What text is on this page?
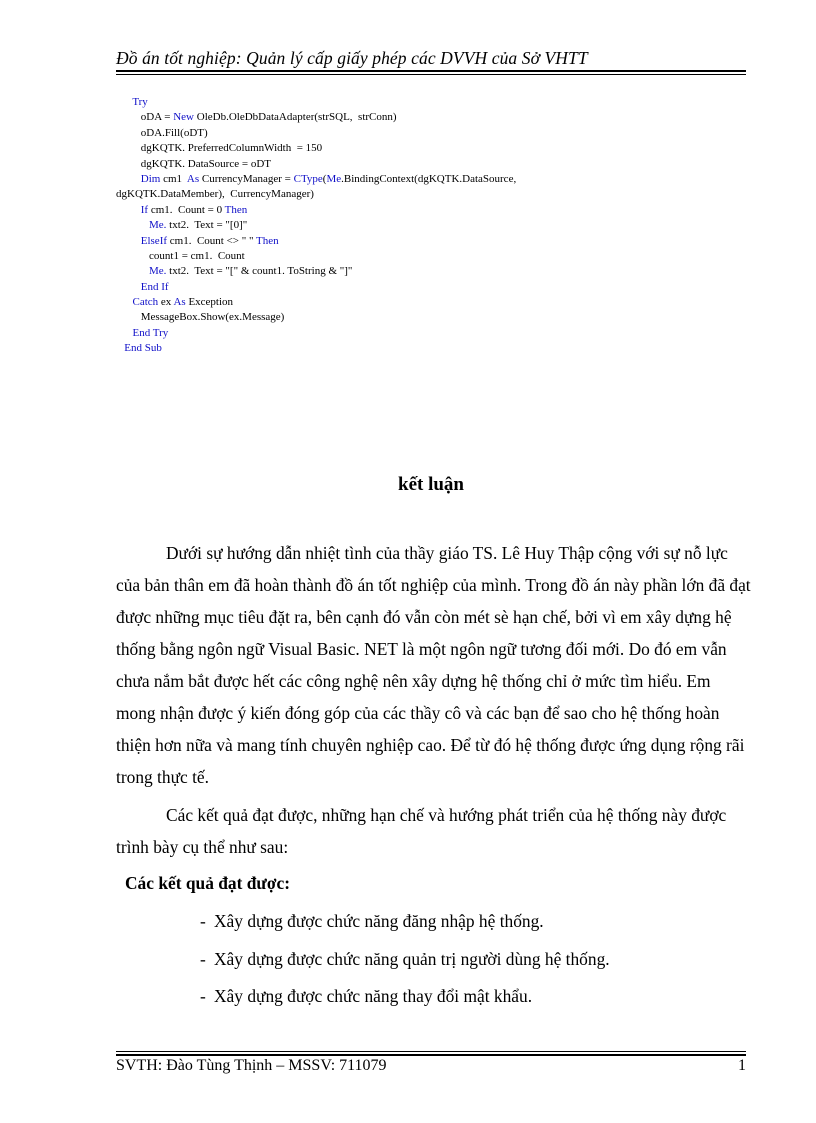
Đồ án tốt nghiệp: Quản lý cấp giấy phép các DVVH của Sở VHTT
Try
oDA = New OleDb.OleDbDataAdapter(strSQL,  strConn)
oDA.Fill(oDT)
dgKQTK. PreferredColumnWidth  = 150
dgKQTK. DataSource = oDT
Dim cm1  As CurrencyManager = CType(Me.BindingContext(dgKQTK.DataSource,
dgKQTK.DataMember),  CurrencyManager)
If cm1.  Count = 0 Then
Me. txt2.  Text = "[0]"
ElseIf cm1.  Count <> " " Then
count1 = cm1.  Count
Me. txt2.  Text = "[" & count1. ToString & "]"
End If
Catch ex As Exception
MessageBox.Show(ex.Message)
End Try
End Sub
kết luận
Dưới sự hướng dẫn nhiệt tình của thầy giáo TS. Lê Huy Thập cộng với sự nỗ lực của bản thân em đã hoàn thành đồ án tốt nghiệp của mình. Trong đồ án này phần lớn đã đạt được những mục tiêu đặt ra, bên cạnh đó vẫn còn mét sè hạn chế, bởi vì em xây dựng hệ thống bằng ngôn ngữ Visual Basic. NET là một ngôn ngữ tương đối mới. Do đó em vẫn chưa nắm bắt được hết các công nghệ nên xây dựng hệ thống chỉ ở mức tìm hiểu. Em mong nhận được ý kiến đóng góp của các thầy cô và các bạn để sao cho hệ thống hoàn thiện hơn nữa và mang tính chuyên nghiệp cao. Để từ đó hệ thống được ứng dụng rộng rãi trong thực tế.
Các kết quả đạt được, những hạn chế và hướng phát triển của hệ thống này được trình bày cụ thể như sau:
Các kết quả đạt được:
- Xây dựng được chức năng đăng nhập hệ thống.
- Xây dựng được chức năng quản trị người dùng hệ thống.
- Xây dựng được chức năng thay đổi mật khẩu.
SVTH: Đào Tùng Thịnh – MSSV: 711079	1
